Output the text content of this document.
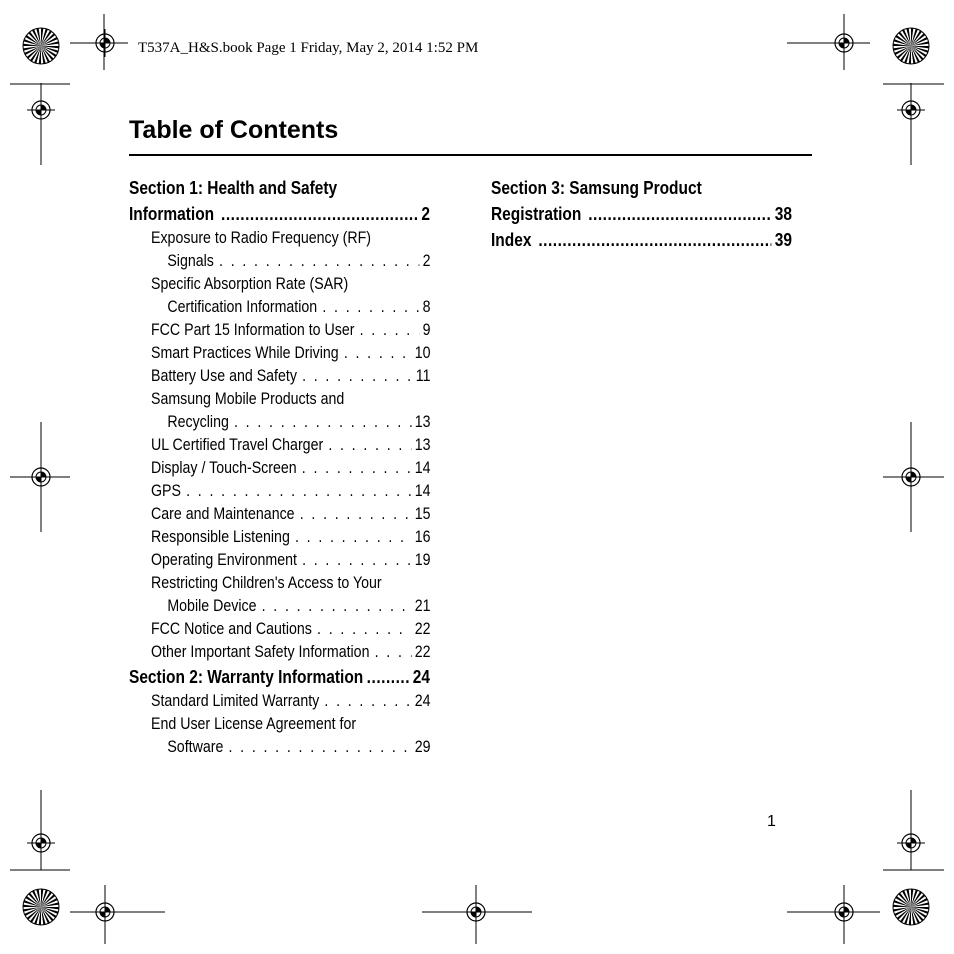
T537A_H&S.book Page 1 Friday, May 2, 2014 1:52 PM
Table of Contents
Section 1: Health and Safety
Information . . .	2
Exposure to Radio Frequency (RF)
Signals . . .	2
Specific Absorption Rate (SAR)
Certification Information . . .	8
FCC Part 15 Information to User . . .	9
Smart Practices While Driving . . .	10
Battery Use and Safety . . .	11
Samsung Mobile Products and
Recycling . . .	13
UL Certified Travel Charger . . .	13
Display / Touch-Screen . . .	14
GPS . . .	14
Care and Maintenance . . .	15
Responsible Listening . . .	16
Operating Environment . . .	19
Restricting Children's Access to Your
Mobile Device . . .	21
FCC Notice and Cautions . . .	22
Other Important Safety Information . . .	22
Section 2: Warranty Information . . .	24
Standard Limited Warranty . . .	24
End User License Agreement for
Software . . .	29
Section 3: Samsung Product
Registration . . .	38
Index . . .	39
1
